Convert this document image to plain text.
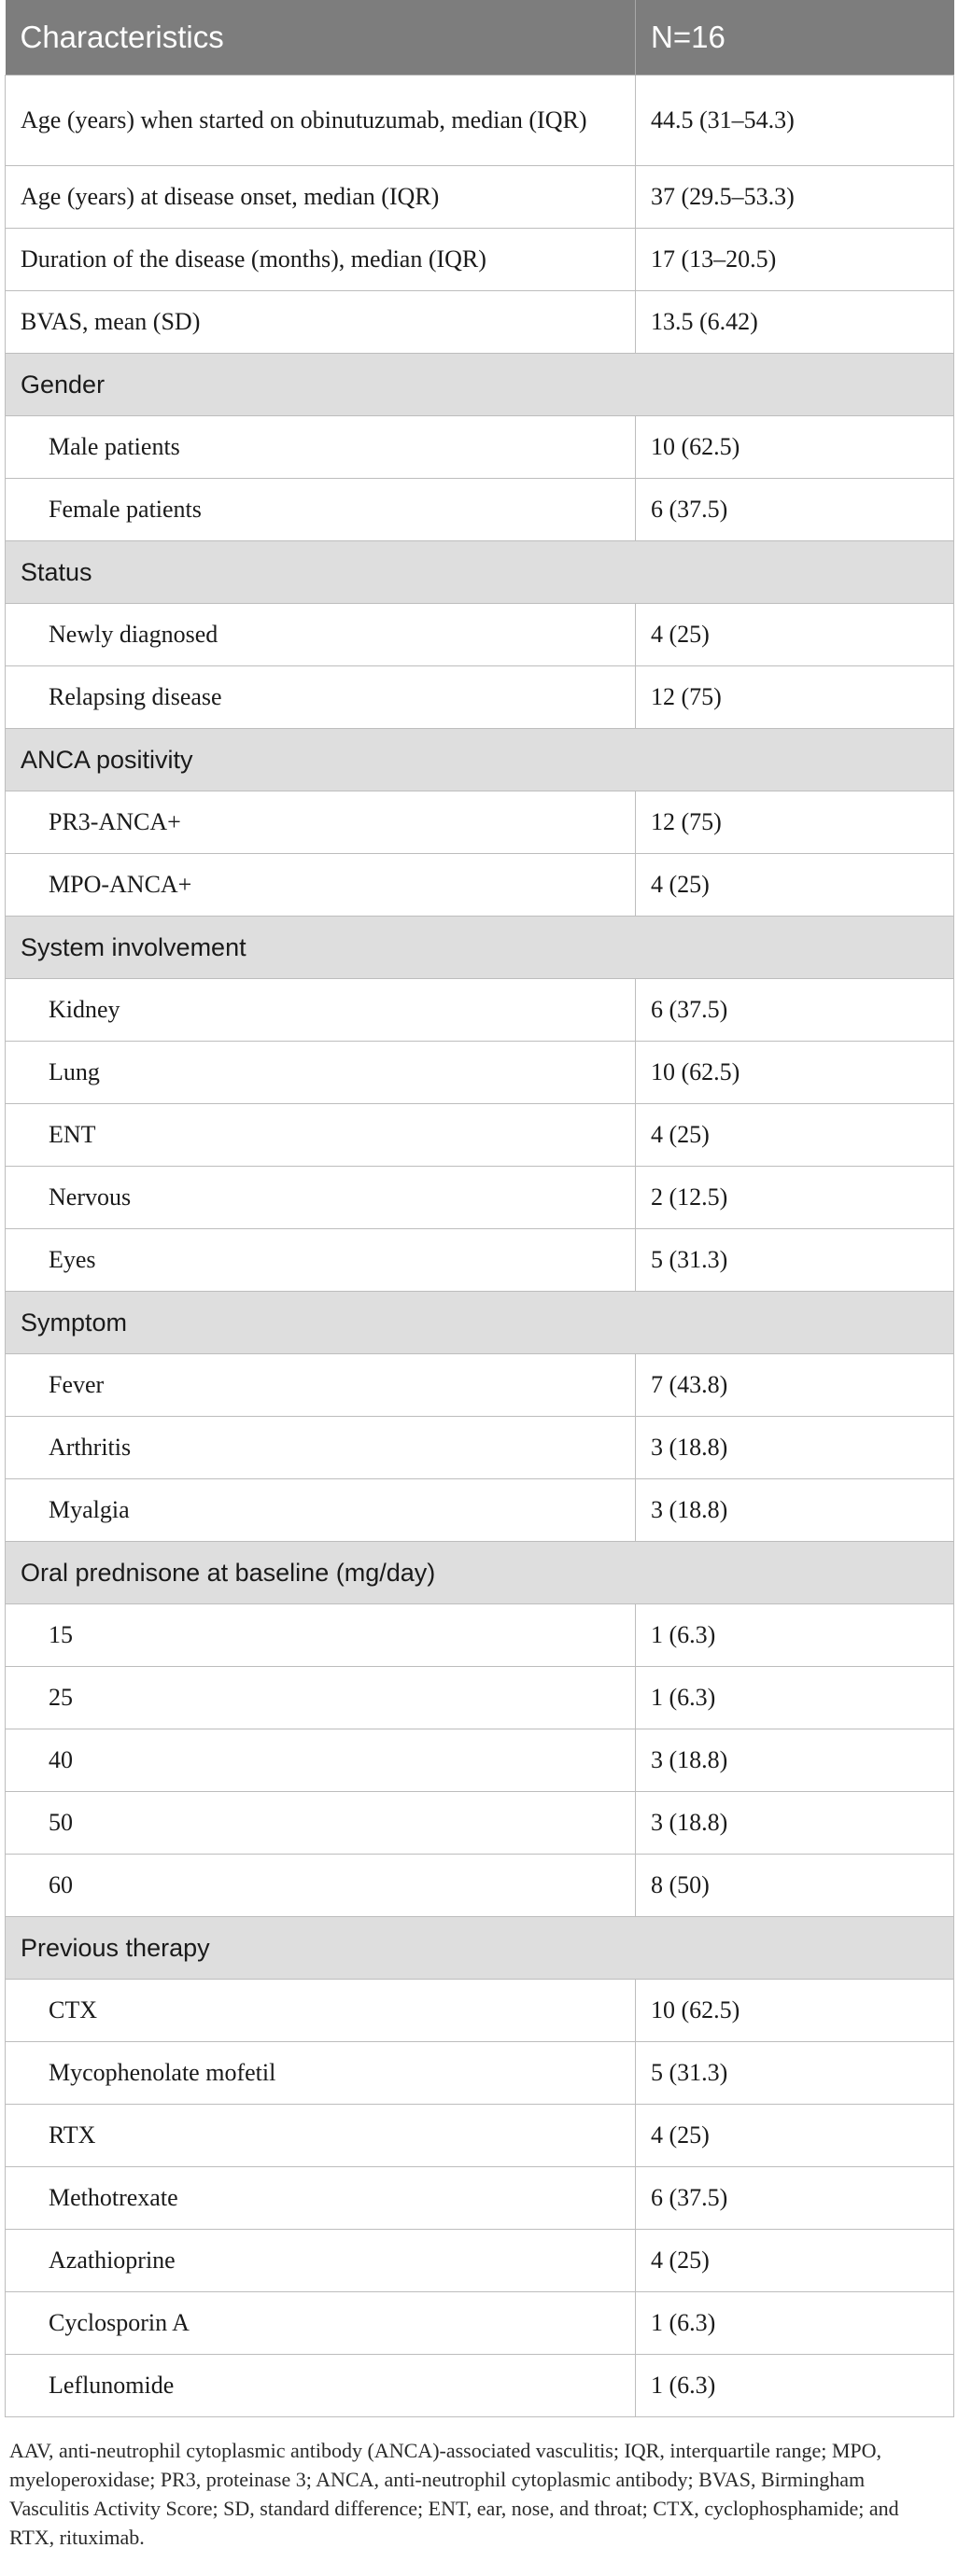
Characteristics	N=16
Age (years) when started on obinutuzumab, median (IQR)	44.5 (31–54.3)
Age (years) at disease onset, median (IQR)	37 (29.5–53.3)
Duration of the disease (months), median (IQR)	17 (13–20.5)
BVAS, mean (SD)	13.5 (6.42)
Gender	
Male patients	10 (62.5)
Female patients	6 (37.5)
Status	
Newly diagnosed	4 (25)
Relapsing disease	12 (75)
ANCA positivity	
PR3-ANCA+	12 (75)
MPO-ANCA+	4 (25)
System involvement	
Kidney	6 (37.5)
Lung	10 (62.5)
ENT	4 (25)
Nervous	2 (12.5)
Eyes	5 (31.3)
Symptom	
Fever	7 (43.8)
Arthritis	3 (18.8)
Myalgia	3 (18.8)
Oral prednisone at baseline (mg/day)	
15	1 (6.3)
25	1 (6.3)
40	3 (18.8)
50	3 (18.8)
60	8 (50)
Previous therapy	
CTX	10 (62.5)
Mycophenolate mofetil	5 (31.3)
RTX	4 (25)
Methotrexate	6 (37.5)
Azathioprine	4 (25)
Cyclosporin A	1 (6.3)
Leflunomide	1 (6.3)
AAV, anti-neutrophil cytoplasmic antibody (ANCA)-associated vasculitis; IQR, interquartile range; MPO, myeloperoxidase; PR3, proteinase 3; ANCA, anti-neutrophil cytoplasmic antibody; BVAS, Birmingham Vasculitis Activity Score; SD, standard difference; ENT, ear, nose, and throat; CTX, cyclophosphamide; and RTX, rituximab.
